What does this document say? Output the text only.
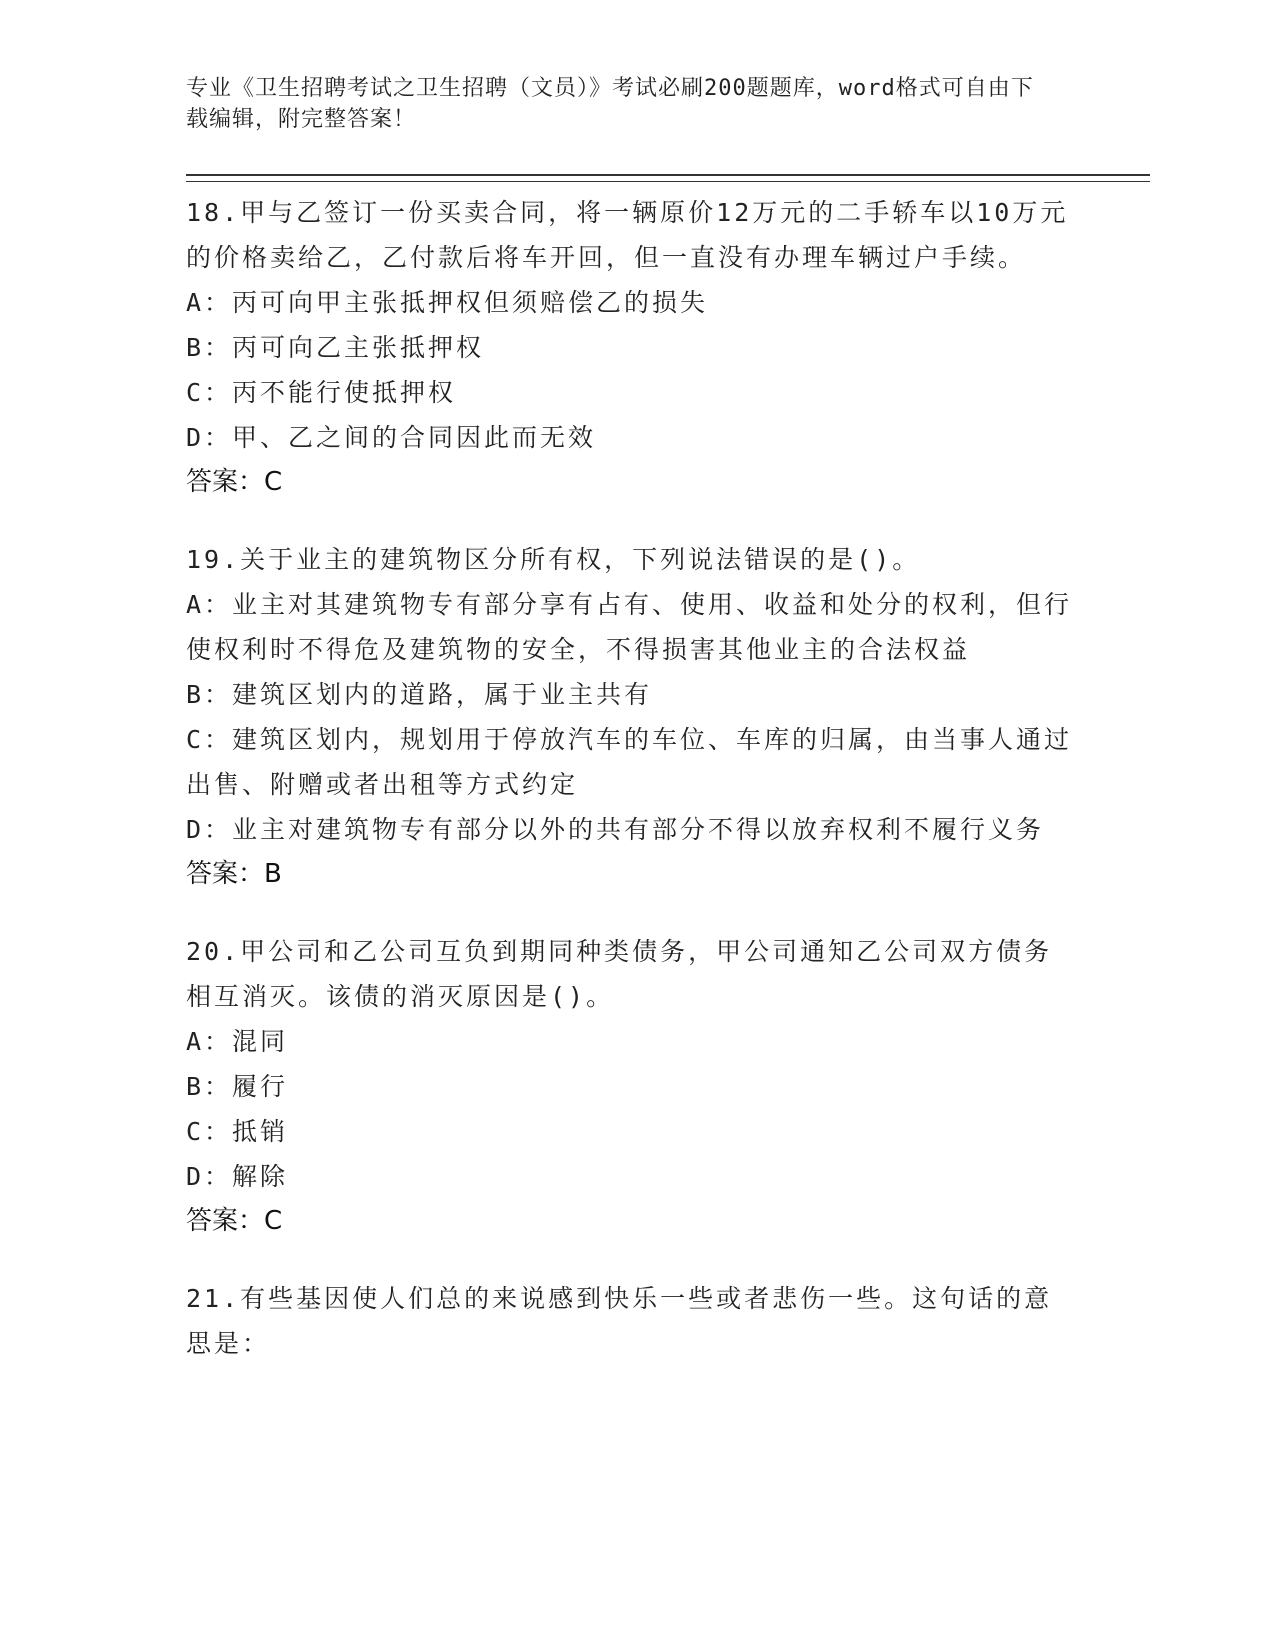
专业《卫生招聘考试之卫生招聘（文员）》考试必刷200题题库，word格式可自由下载编辑，附完整答案！
18.甲与乙签订一份买卖合同，将一辆原价12万元的二手轿车以10万元的价格卖给乙，乙付款后将车开回，但一直没有办理车辆过户手续。
A：丙可向甲主张抵押权但须赔偿乙的损失
B：丙可向乙主张抵押权
C：丙不能行使抵押权
D：甲、乙之间的合同因此而无效
答案：C
19.关于业主的建筑物区分所有权，下列说法错误的是()。
A：业主对其建筑物专有部分享有占有、使用、收益和处分的权利，但行使权利时不得危及建筑物的安全，不得损害其他业主的合法权益
B：建筑区划内的道路，属于业主共有
C：建筑区划内，规划用于停放汽车的车位、车库的归属，由当事人通过出售、附赠或者出租等方式约定
D：业主对建筑物专有部分以外的共有部分不得以放弃权利不履行义务
答案：B
20.甲公司和乙公司互负到期同种类债务，甲公司通知乙公司双方债务相互消灭。该债的消灭原因是()。
A：混同
B：履行
C：抵销
D：解除
答案：C
21.有些基因使人们总的来说感到快乐一些或者悲伤一些。这句话的意思是：
